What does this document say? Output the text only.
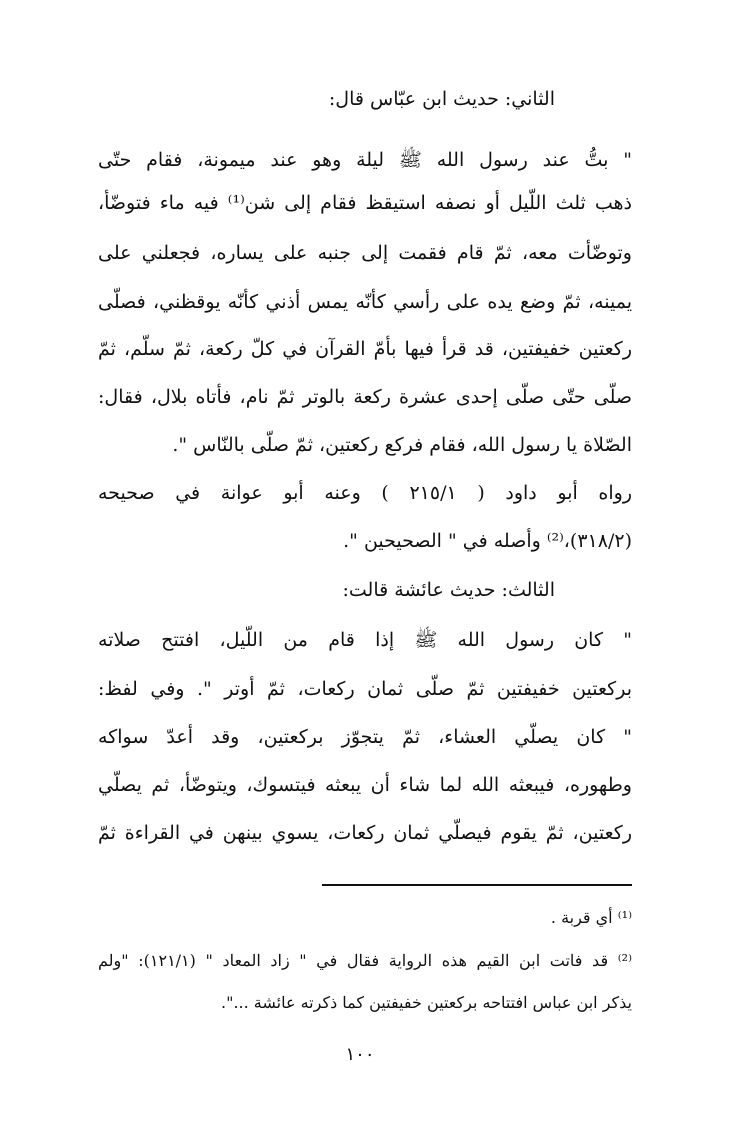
الثاني: حديث ابن عبّاس قال:
" بتُّ عند رسول الله ﷺ ليلة وهو عند ميمونة، فقام حتّى
ذهب ثلث اللّيل أو نصفه استيقظ فقام إلى شن⁽¹⁾ فيه ماء فتوضّأ،
وتوضّأت معه، ثمّ قام فقمت إلى جنبه على يساره، فجعلني على
يمينه، ثمّ وضع يده على رأسي كأنّه يمس أذني كأنّه يوقظني، فصلّى
ركعتين خفيفتين، قد قرأ فيها بأمّ القرآن في كلّ ركعة، ثمّ سلّم، ثمّ
صلّى حتّى صلّى إحدى عشرة ركعة بالوتر ثمّ نام، فأتاه بلال، فقال:
الصّلاة يا رسول الله، فقام فركع ركعتين، ثمّ صلّى بالنّاس ".
رواه أبو داود ( ٢١٥/١ ) وعنه أبو عوانة في صحيحه
(٣١٨/٢)،⁽²⁾ وأصله في " الصحيحين ".
الثالث: حديث عائشة قالت:
" كان رسول الله ﷺ إذا قام من اللّيل، افتتح صلاته
بركعتين خفيفتين ثمّ صلّى ثمان ركعات، ثمّ أوتر ". وفي لفظ:
" كان يصلّي العشاء، ثمّ يتجوّز بركعتين، وقد أعدّ سواكه
وطهوره، فيبعثه الله لما شاء أن يبعثه فيتسوك، ويتوضّأ، ثم يصلّي
ركعتين، ثمّ يقوم فيصلّي ثمان ركعات، يسوي بينهن في القراءة ثمّ
⁽¹⁾ أي قربة .
⁽²⁾ قد فاتت ابن القيم هذه الرواية فقال في " زاد المعاد " (١٢١/١): "ولم
يذكر ابن عباس افتتاحه بركعتين خفيفتين كما ذكرته عائشة ...".
١٠٠
